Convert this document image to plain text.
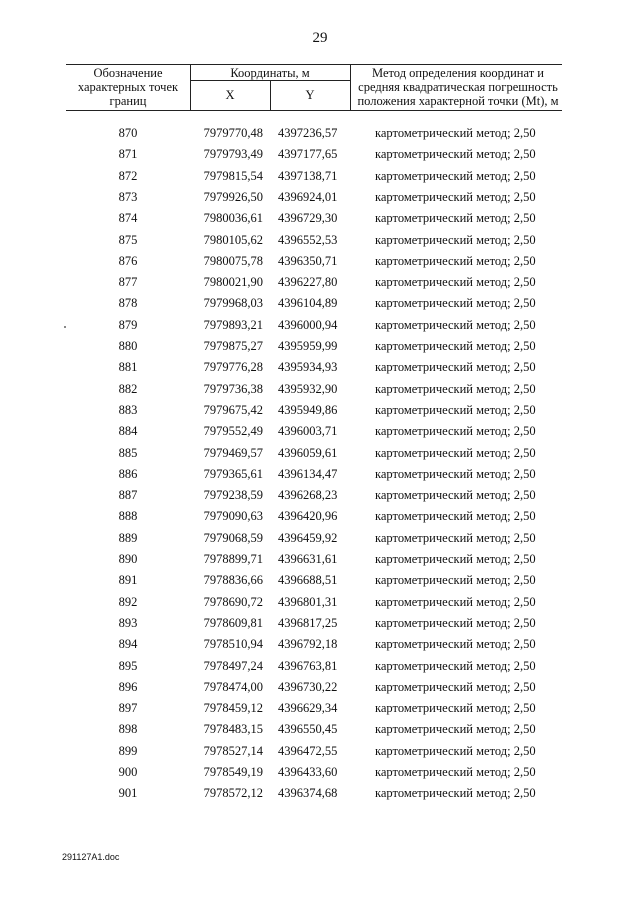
29
Обозначение характерных точек границ
Координаты, м
X	Y
Метод определения координат и средняя квадратическая погрешность положения характерной точки (Mt), м
870	7979770,48 4397236,57	картометрический метод; 2,50
871	7979793,49 4397177,65	картометрический метод; 2,50
872	7979815,54 4397138,71	картометрический метод; 2,50
873	7979926,50 4396924,01	картометрический метод; 2,50
874	7980036,61 4396729,30	картометрический метод; 2,50
875	7980105,62 4396552,53	картометрический метод; 2,50
876	7980075,78 4396350,71	картометрический метод; 2,50
877	7980021,90 4396227,80	картометрический метод; 2,50
878	7979968,03 4396104,89	картометрический метод; 2,50
879	7979893,21 4396000,94	картометрический метод; 2,50
880	7979875,27 4395959,99	картометрический метод; 2,50
881	7979776,28 4395934,93	картометрический метод; 2,50
882	7979736,38 4395932,90	картометрический метод; 2,50
883	7979675,42 4395949,86	картометрический метод; 2,50
884	7979552,49 4396003,71	картометрический метод; 2,50
885	7979469,57 4396059,61	картометрический метод; 2,50
886	7979365,61 4396134,47	картометрический метод; 2,50
887	7979238,59 4396268,23	картометрический метод; 2,50
888	7979090,63 4396420,96	картометрический метод; 2,50
889	7979068,59 4396459,92	картометрический метод; 2,50
890	7978899,71 4396631,61	картометрический метод; 2,50
891	7978836,66 4396688,51	картометрический метод; 2,50
892	7978690,72 4396801,31	картометрический метод; 2,50
893	7978609,81 4396817,25	картометрический метод; 2,50
894	7978510,94 4396792,18	картометрический метод; 2,50
895	7978497,24 4396763,81	картометрический метод; 2,50
896	7978474,00 4396730,22	картометрический метод; 2,50
897	7978459,12 4396629,34	картометрический метод; 2,50
898	7978483,15 4396550,45	картометрический метод; 2,50
899	7978527,14 4396472,55	картометрический метод; 2,50
900	7978549,19 4396433,60	картометрический метод; 2,50
901	7978572,12 4396374,68	картометрический метод; 2,50
291127A1.doc
